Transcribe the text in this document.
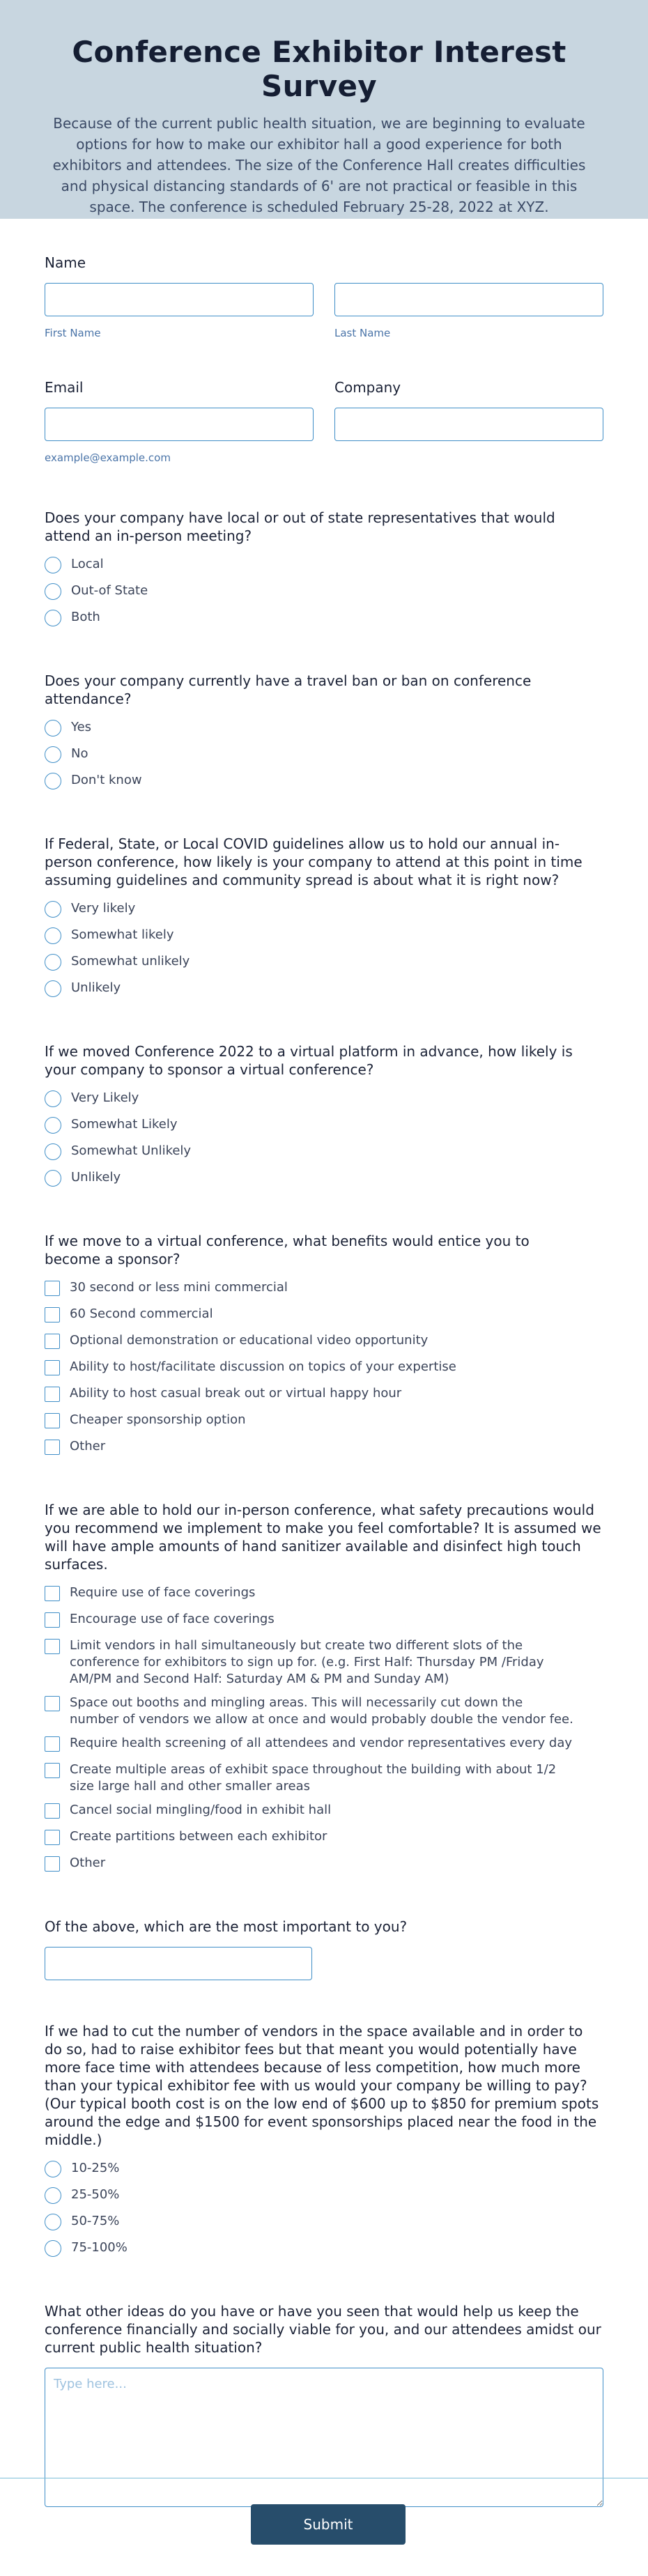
Conference Exhibitor Interest Survey

Because of the current public health situation, we are beginning to evaluate options for how to make our exhibitor hall a good experience for both exhibitors and attendees. The size of the Conference Hall creates difficulties and physical distancing standards of 6' are not practical or feasible in this space. The conference is scheduled February 25-28, 2022 at XYZ.

Name
First Name	Last Name
Email
example@example.com
Company
Does your company have local or out of state representatives that would attend an in-person meeting?
Local
Out-of State
Both
Does your company currently have a travel ban or ban on conference attendance?
Yes
No
Don't know
If Federal, State, or Local COVID guidelines allow us to hold our annual in-person conference, how likely is your company to attend at this point in time assuming guidelines and community spread is about what it is right now?
Very likely
Somewhat likely
Somewhat unlikely
Unlikely
If we moved Conference 2022 to a virtual platform in advance, how likely is your company to sponsor a virtual conference?
Very Likely
Somewhat Likely
Somewhat Unlikely
Unlikely
If we move to a virtual conference, what benefits would entice you to become a sponsor?
30 second or less mini commercial
60 Second commercial
Optional demonstration or educational video opportunity
Ability to host/facilitate discussion on topics of your expertise
Ability to host casual break out or virtual happy hour
Cheaper sponsorship option
Other
If we are able to hold our in-person conference, what safety precautions would you recommend we implement to make you feel comfortable? It is assumed we will have ample amounts of hand sanitizer available and disinfect high touch surfaces.
Require use of face coverings
Encourage use of face coverings
Limit vendors in hall simultaneously but create two different slots of the conference for exhibitors to sign up for. (e.g. First Half: Thursday PM /Friday AM/PM and Second Half: Saturday AM & PM and Sunday AM)
Space out booths and mingling areas. This will necessarily cut down the number of vendors we allow at once and would probably double the vendor fee.
Require health screening of all attendees and vendor representatives every day
Create multiple areas of exhibit space throughout the building with about 1/2 size large hall and other smaller areas
Cancel social mingling/food in exhibit hall
Create partitions between each exhibitor
Other
Of the above, which are the most important to you?
If we had to cut the number of vendors in the space available and in order to do so, had to raise exhibitor fees but that meant you would potentially have more face time with attendees because of less competition, how much more than your typical exhibitor fee with us would your company be willing to pay? (Our typical booth cost is on the low end of $600 up to $850 for premium spots around the edge and $1500 for event sponsorships placed near the food in the middle.)
10-25%
25-50%
50-75%
75-100%
What other ideas do you have or have you seen that would help us keep the conference financially and socially viable for you, and our attendees amidst our current public health situation?
Type here...
Submit
